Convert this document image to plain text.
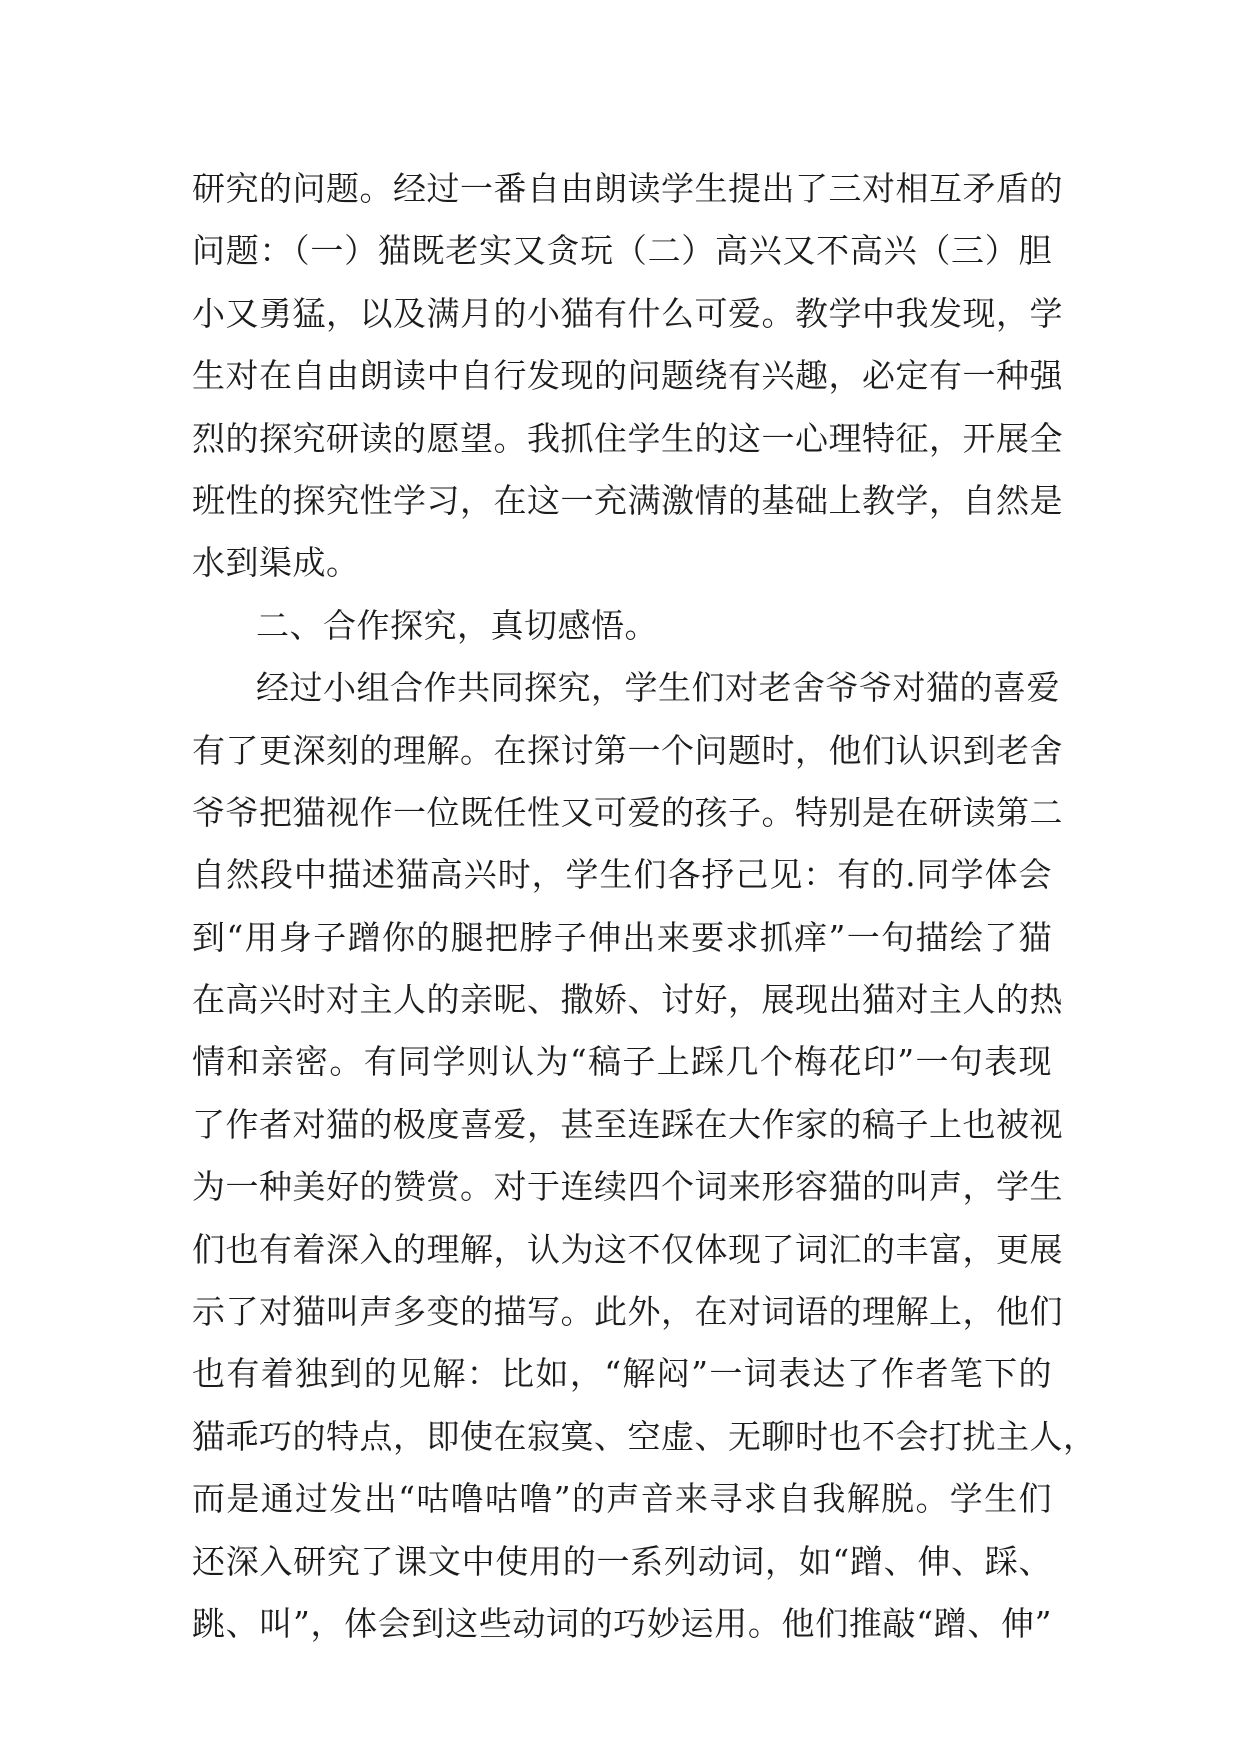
研究的问题。经过一番自由朗读学生提出了三对相互矛盾的
问题：（一）猫既老实又贪玩（二）高兴又不高兴（三）胆
小又勇猛，以及满月的小猫有什么可爱。教学中我发现，学
生对在自由朗读中自行发现的问题绕有兴趣，必定有一种强
烈的探究研读的愿望。我抓住学生的这一心理特征，开展全
班性的探究性学习，在这一充满激情的基础上教学，自然是
水到渠成。
二、合作探究，真切感悟。
经过小组合作共同探究，学生们对老舍爷爷对猫的喜爱
有了更深刻的理解。在探讨第一个问题时，他们认识到老舍
爷爷把猫视作一位既任性又可爱的孩子。特别是在研读第二
自然段中描述猫高兴时，学生们各抒己见：有的.同学体会
到“用身子蹭你的腿把脖子伸出来要求抓痒”一句描绘了猫
在高兴时对主人的亲昵、撒娇、讨好，展现出猫对主人的热
情和亲密。有同学则认为“稿子上踩几个梅花印”一句表现
了作者对猫的极度喜爱，甚至连踩在大作家的稿子上也被视
为一种美好的赞赏。对于连续四个词来形容猫的叫声，学生
们也有着深入的理解，认为这不仅体现了词汇的丰富，更展
示了对猫叫声多变的描写。此外，在对词语的理解上，他们
也有着独到的见解：比如，“解闷”一词表达了作者笔下的
猫乖巧的特点，即使在寂寞、空虚、无聊时也不会打扰主人，
而是通过发出“咕噜咕噜”的声音来寻求自我解脱。学生们
还深入研究了课文中使用的一系列动词，如“蹭、伸、踩、
跳、叫”，体会到这些动词的巧妙运用。他们推敲“蹭、伸”
